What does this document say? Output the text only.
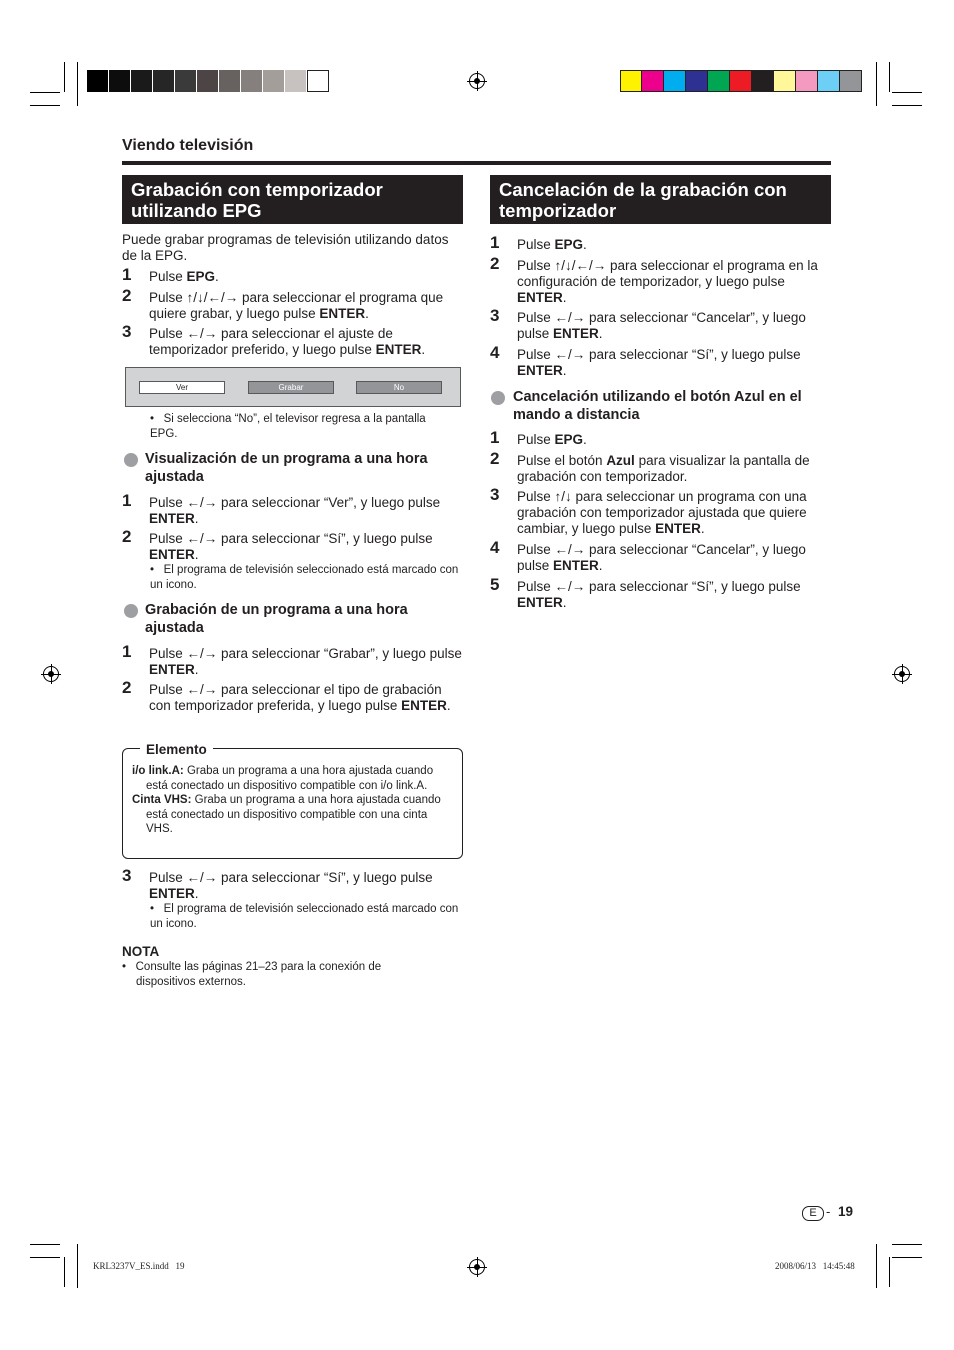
Viendo televisión
Grabación con temporizador utilizando EPG
Puede grabar programas de televisión utilizando datos de la EPG.
1 Pulse EPG.
2 Pulse ↑/↓/←/→ para seleccionar el programa que quiere grabar, y luego pulse ENTER.
3 Pulse ←/→ para seleccionar el ajuste de temporizador preferido, y luego pulse ENTER.
Ver	Grabar	No
•   Si selecciona “No”, el televisor regresa a la pantalla EPG.
Visualización de un programa a una hora ajustada
1 Pulse ←/→ para seleccionar “Ver”, y luego pulse ENTER.
2 Pulse ←/→ para seleccionar “Sí”, y luego pulse ENTER.
•   El programa de televisión seleccionado está marcado con un icono.
Grabación de un programa a una hora ajustada
1 Pulse ←/→ para seleccionar “Grabar”, y luego pulse ENTER.
2 Pulse ←/→ para seleccionar el tipo de grabación con temporizador preferida, y luego pulse ENTER.
Elemento
i/o link.A: Graba un programa a una hora ajustada cuando está conectado un dispositivo compatible con i/o link.A.
Cinta VHS: Graba un programa a una hora ajustada cuando está conectado un dispositivo compatible con una cinta VHS.
3 Pulse ←/→ para seleccionar “Sí”, y luego pulse ENTER.
•   El programa de televisión seleccionado está marcado con un icono.
NOTA
•   Consulte las páginas 21–23 para la conexión de dispositivos externos.
Cancelación de la grabación con temporizador
1 Pulse EPG.
2 Pulse ↑/↓/←/→ para seleccionar el programa en la configuración de temporizador, y luego pulse ENTER.
3 Pulse ←/→ para seleccionar “Cancelar”, y luego pulse ENTER.
4 Pulse ←/→ para seleccionar “Sí”, y luego pulse ENTER.
Cancelación utilizando el botón Azul en el mando a distancia
1 Pulse EPG.
2 Pulse el botón Azul para visualizar la pantalla de grabación con temporizador.
3 Pulse ↑/↓ para seleccionar un programa con una grabación con temporizador ajustada que quiere cambiar, y luego pulse ENTER.
4 Pulse ←/→ para seleccionar “Cancelar”, y luego pulse ENTER.
5 Pulse ←/→ para seleccionar “Sí”, y luego pulse ENTER.
E - 19
KRL3237V_ES.indd   19	2008/06/13   14:45:48
